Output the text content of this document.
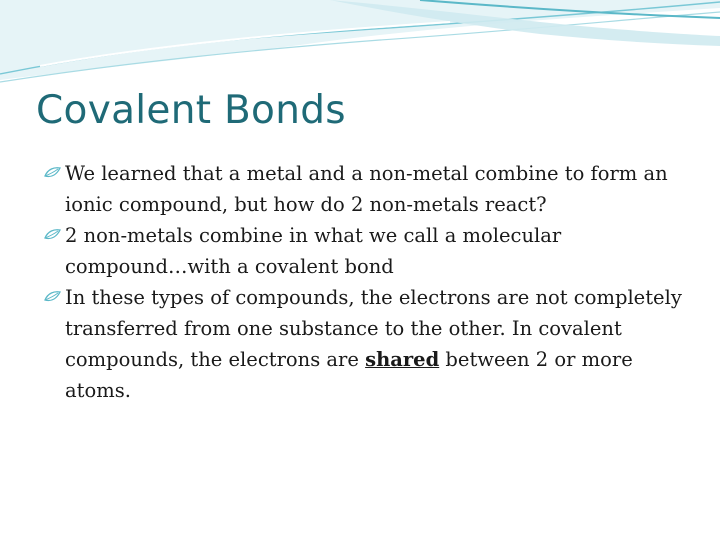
Covalent Bonds
We learned that a metal and a non-metal combine to form an ionic compound, but how do 2 non-metals react?
2 non-metals combine in what we call a molecular compound…with a covalent bond
In these types of compounds, the electrons are not completely transferred from one substance to the other. In covalent compounds, the electrons are shared between 2 or more atoms.
